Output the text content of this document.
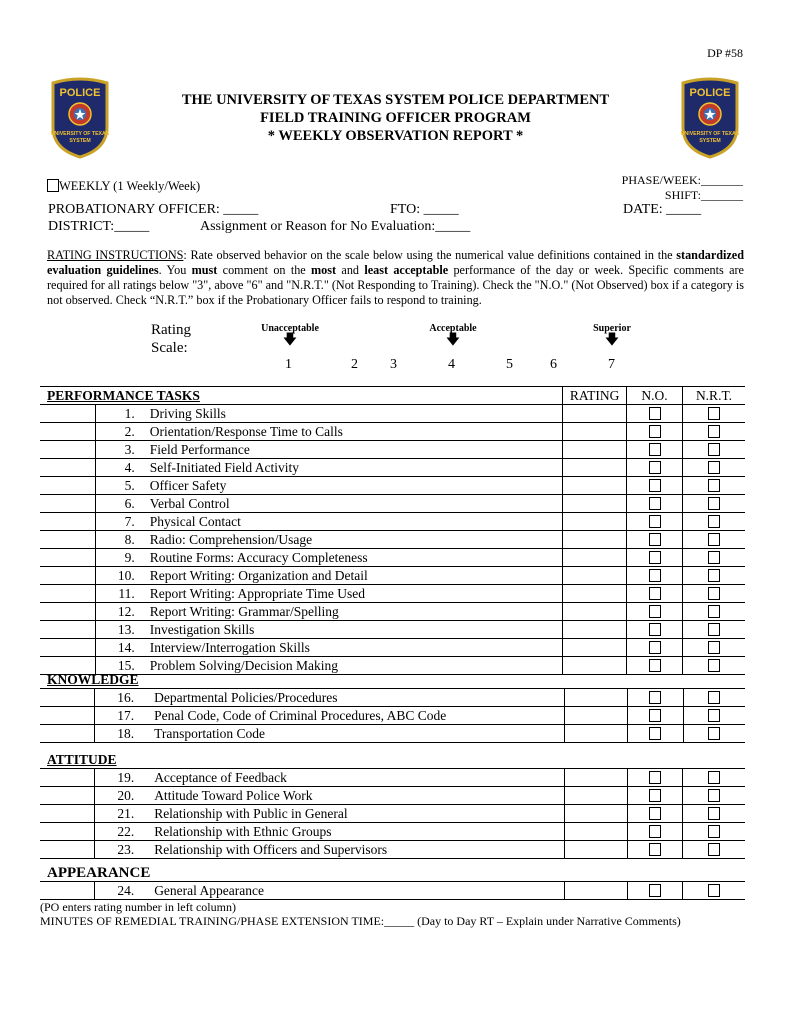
DP #58
POLICE
UNIVERSITY OF TEXAS
SYSTEM
POLICE
UNIVERSITY OF TEXAS
SYSTEM
THE UNIVERSITY OF TEXAS SYSTEM POLICE DEPARTMENT
FIELD TRAINING OFFICER PROGRAM
* WEEKLY OBSERVATION REPORT *
WEEKLY (1 Weekly/Week)	PHASE/WEEK:_______
SHIFT:_______
PROBATIONARY OFFICER: _____	FTO: _____	DATE: _____
DISTRICT:_____	Assignment or Reason for No Evaluation:_____
RATING INSTRUCTIONS: Rate observed behavior on the scale below using the numerical value definitions contained in the standardized evaluation guidelines. You must comment on the most and least acceptable performance of the day or week. Specific comments are required for all ratings below "3", above "6" and "N.R.T." (Not Responding to Training). Check the "N.O." (Not Observed) box if a category is not observed. Check “N.R.T.” box if the Probationary Officer fails to respond to training.
Rating
Scale:
Unacceptable	Acceptable	Superior
🡇	🡇	🡇
1	2 3	4	5	6	7
PERFORMANCE TASKS			RATING	N.O.	N.R.T.
	1.	Driving Skills			
	2.	Orientation/Response Time to Calls			
	3.	Field Performance			
	4.	Self-Initiated Field Activity			
	5.	Officer Safety			
	6.	Verbal Control			
	7.	Physical Contact			
	8.	Radio: Comprehension/Usage			
	9.	Routine Forms: Accuracy Completeness			
	10.	Report Writing: Organization and Detail			
	11.	Report Writing: Appropriate Time Used			
	12.	Report Writing: Grammar/Spelling			
	13.	Investigation Skills			
	14.	Interview/Interrogation Skills			
	15.	Problem Solving/Decision Making			
KNOWLEDGE					
	16.	Departmental Policies/Procedures			
	17.	Penal Code, Code of Criminal Procedures, ABC Code			
	18.	Transportation Code			
ATTITUDE					
	19.	Acceptance of Feedback			
	20.	Attitude Toward Police Work			
	21.	Relationship with Public in General			
	22.	Relationship with Ethnic Groups			
	23.	Relationship with Officers and Supervisors			
APPEARANCE
	24.	General Appearance			
(PO enters rating number in left column)
MINUTES OF REMEDIAL TRAINING/PHASE EXTENSION TIME:_____ (Day to Day RT – Explain under Narrative Comments)
